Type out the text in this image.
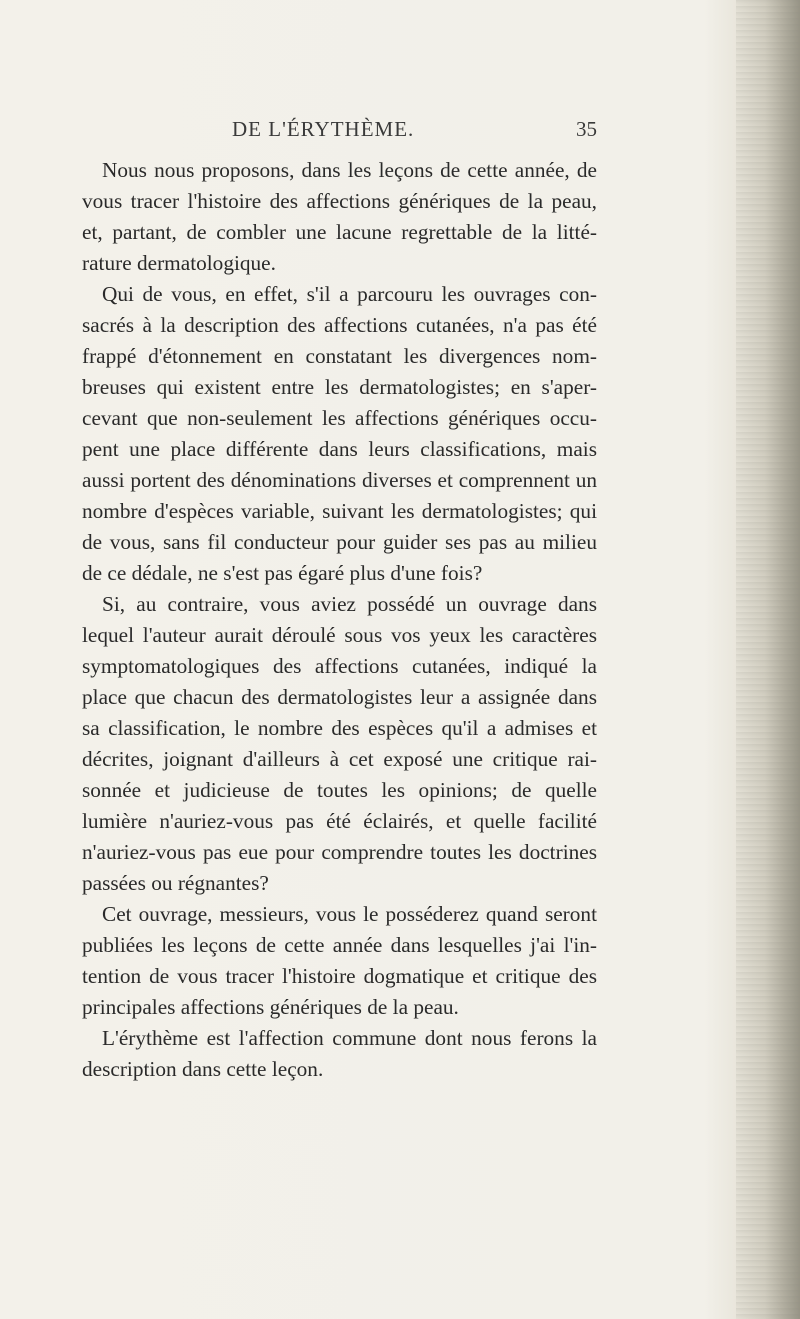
DE L'ÉRYTHÈME.	35

Nous nous proposons, dans les leçons de cette année, de vous tracer l'histoire des affections génériques de la peau, et, partant, de combler une lacune regrettable de la litté-rature dermatologique.

Qui de vous, en effet, s'il a parcouru les ouvrages con-sacrés à la description des affections cutanées, n'a pas été frappé d'étonnement en constatant les divergences nom-breuses qui existent entre les dermatologistes; en s'aper-cevant que non-seulement les affections génériques occu-pent une place différente dans leurs classifications, mais aussi portent des dénominations diverses et comprennent un nombre d'espèces variable, suivant les dermatologistes; qui de vous, sans fil conducteur pour guider ses pas au milieu de ce dédale, ne s'est pas égaré plus d'une fois?

Si, au contraire, vous aviez possédé un ouvrage dans lequel l'auteur aurait déroulé sous vos yeux les caractères symptomatologiques des affections cutanées, indiqué la place que chacun des dermatologistes leur a assignée dans sa classification, le nombre des espèces qu'il a admises et décrites, joignant d'ailleurs à cet exposé une critique rai-sonnée et judicieuse de toutes les opinions; de quelle lumière n'auriez-vous pas été éclairés, et quelle facilité n'auriez-vous pas eue pour comprendre toutes les doctrines passées ou régnantes?

Cet ouvrage, messieurs, vous le posséderez quand seront publiées les leçons de cette année dans lesquelles j'ai l'in-tention de vous tracer l'histoire dogmatique et critique des principales affections génériques de la peau.

L'érythème est l'affection commune dont nous ferons la description dans cette leçon.
